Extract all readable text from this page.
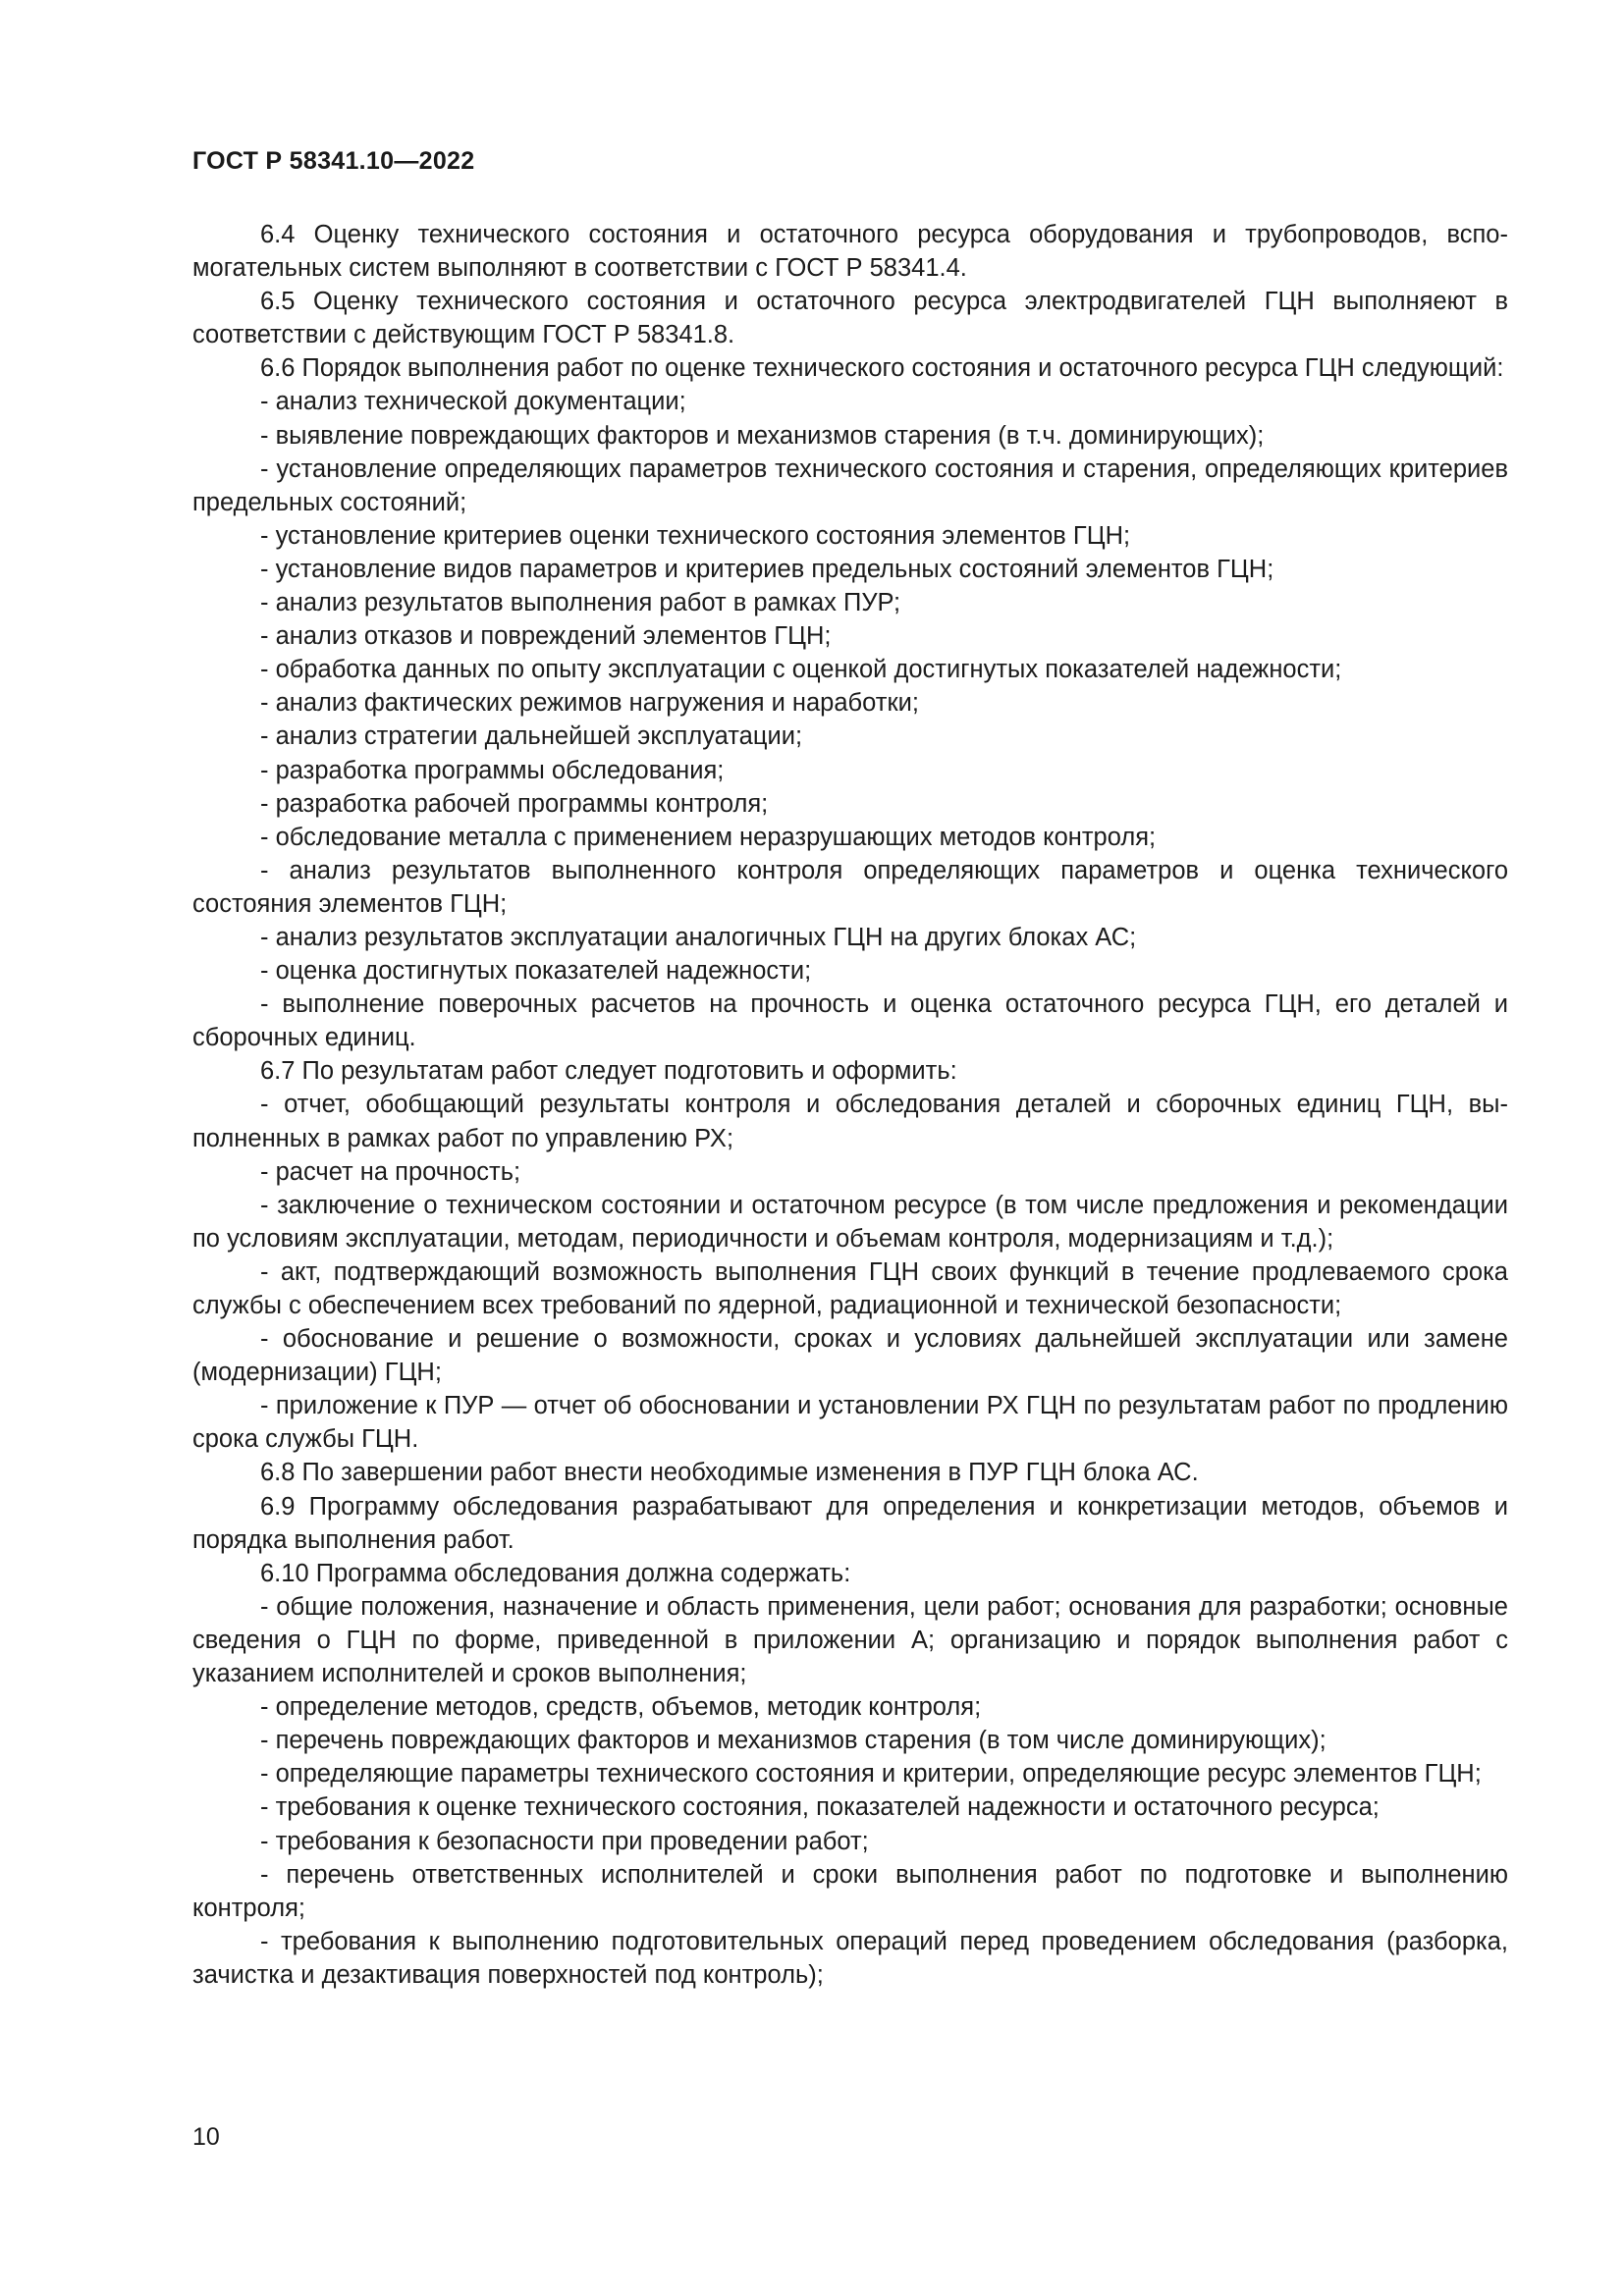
ГОСТ Р 58341.10—2022

6.4 Оценку технического состояния и остаточного ресурса оборудования и трубопроводов, вспомогательных систем выполняют в соответствии с ГОСТ Р 58341.4.

6.5 Оценку технического состояния и остаточного ресурса электродвигателей ГЦН выполняеют в соответствии с действующим ГОСТ Р 58341.8.

6.6 Порядок выполнения работ по оценке технического состояния и остаточного ресурса ГЦН следующий:

- анализ технической документации;

- выявление повреждающих факторов и механизмов старения (в т.ч. доминирующих);

- установление определяющих параметров технического состояния и старения, определяющих критериев предельных состояний;

- установление критериев оценки технического состояния элементов ГЦН;

- установление видов параметров и критериев предельных состояний элементов ГЦН;

- анализ результатов выполнения работ в рамках ПУР;

- анализ отказов и повреждений элементов ГЦН;

- обработка данных по опыту эксплуатации с оценкой достигнутых показателей надежности;

- анализ фактических режимов нагружения и наработки;

- анализ стратегии дальнейшей эксплуатации;

- разработка программы обследования;

- разработка рабочей программы контроля;

- обследование металла с применением неразрушающих методов контроля;

- анализ результатов выполненного контроля определяющих параметров и оценка технического состояния элементов ГЦН;

- анализ результатов эксплуатации аналогичных ГЦН на других блоках АС;

- оценка достигнутых показателей надежности;

- выполнение поверочных расчетов на прочность и оценка остаточного ресурса ГЦН, его деталей и сборочных единиц.

6.7 По результатам работ следует подготовить и оформить:

- отчет, обобщающий результаты контроля и обследования деталей и сборочных единиц ГЦН, выполненных в рамках работ по управлению РХ;

- расчет на прочность;

- заключение о техническом состоянии и остаточном ресурсе (в том числе предложения и рекомендации по условиям эксплуатации, методам, периодичности и объемам контроля, модернизациям и т.д.);

- акт, подтверждающий возможность выполнения ГЦН своих функций в течение продлеваемого срока службы с обеспечением всех требований по ядерной, радиационной и технической безопасности;

- обоснование и решение о возможности, сроках и условиях дальнейшей эксплуатации или замене (модернизации) ГЦН;

- приложение к ПУР — отчет об обосновании и установлении РХ ГЦН по результатам работ по продлению срока службы ГЦН.

6.8 По завершении работ внести необходимые изменения в ПУР ГЦН блока АС.

6.9 Программу обследования разрабатывают для определения и конкретизации методов, объемов и порядка выполнения работ.

6.10 Программа обследования должна содержать:

- общие положения, назначение и область применения, цели работ; основания для разработки; основные сведения о ГЦН по форме, приведенной в приложении А; организацию и порядок выполнения работ с указанием исполнителей и сроков выполнения;

- определение методов, средств, объемов, методик контроля;

- перечень повреждающих факторов и механизмов старения (в том числе доминирующих);

- определяющие параметры технического состояния и критерии, определяющие ресурс элементов ГЦН;

- требования к оценке технического состояния, показателей надежности и остаточного ресурса;

- требования к безопасности при проведении работ;

- перечень ответственных исполнителей и сроки выполнения работ по подготовке и выполнению контроля;

- требования к выполнению подготовительных операций перед проведением обследования (разборка, зачистка и дезактивация поверхностей под контроль);

10
